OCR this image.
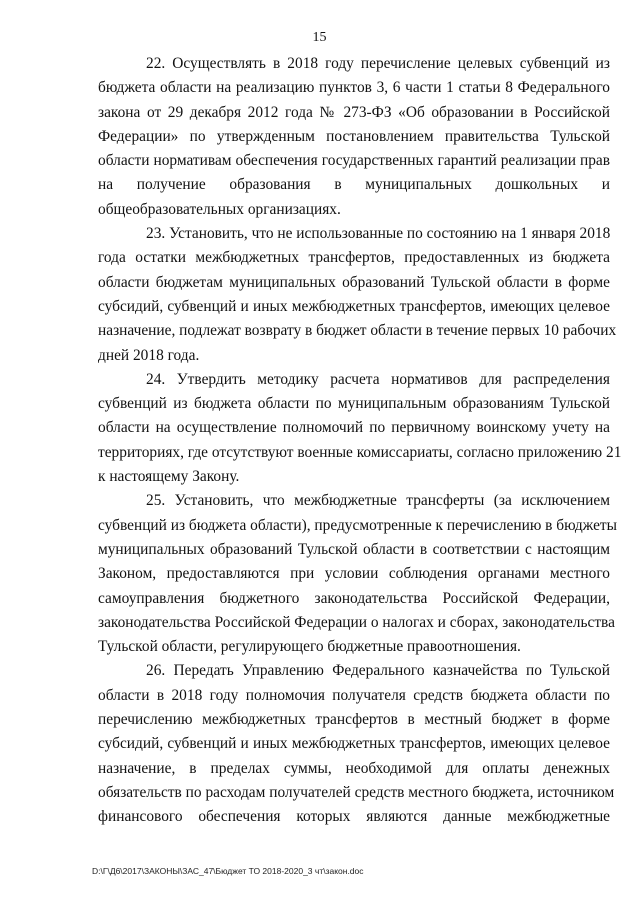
15
22. Осуществлять в 2018 году перечисление целевых субвенций из
бюджета области на реализацию пунктов 3, 6 части 1 статьи 8 Федерального
закона от 29 декабря 2012 года № 273-ФЗ «Об образовании в Российской
Федерации» по утвержденным постановлением правительства Тульской
области нормативам обеспечения государственных гарантий реализации прав
на получение образования в муниципальных дошкольных и
общеобразовательных организациях.
23. Установить, что не использованные по состоянию на 1 января 2018
года остатки межбюджетных трансфертов, предоставленных из бюджета
области бюджетам муниципальных образований Тульской области в форме
субсидий, субвенций и иных межбюджетных трансфертов, имеющих целевое
назначение, подлежат возврату в бюджет области в течение первых 10 рабочих
дней 2018 года.
24. Утвердить методику расчета нормативов для распределения
субвенций из бюджета области по муниципальным образованиям Тульской
области на осуществление полномочий по первичному воинскому учету на
территориях, где отсутствуют военные комиссариаты, согласно приложению 21
к настоящему Закону.
25. Установить, что межбюджетные трансферты (за исключением
субвенций из бюджета области), предусмотренные к перечислению в бюджеты
муниципальных образований Тульской области в соответствии с настоящим
Законом, предоставляются при условии соблюдения органами местного
самоуправления бюджетного законодательства Российской Федерации,
законодательства Российской Федерации о налогах и сборах, законодательства
Тульской области, регулирующего бюджетные правоотношения.
26. Передать Управлению Федерального казначейства по Тульской
области в 2018 году полномочия получателя средств бюджета области по
перечислению межбюджетных трансфертов в местный бюджет в форме
субсидий, субвенций и иных межбюджетных трансфертов, имеющих целевое
назначение, в пределах суммы, необходимой для оплаты денежных
обязательств по расходам получателей средств местного бюджета, источником
финансового обеспечения которых являются данные межбюджетные
D:\Г\Д6\2017\ЗАКОНЫ\ЗАС_47\Бюджет ТО 2018-2020_3 чт\закон.doc
